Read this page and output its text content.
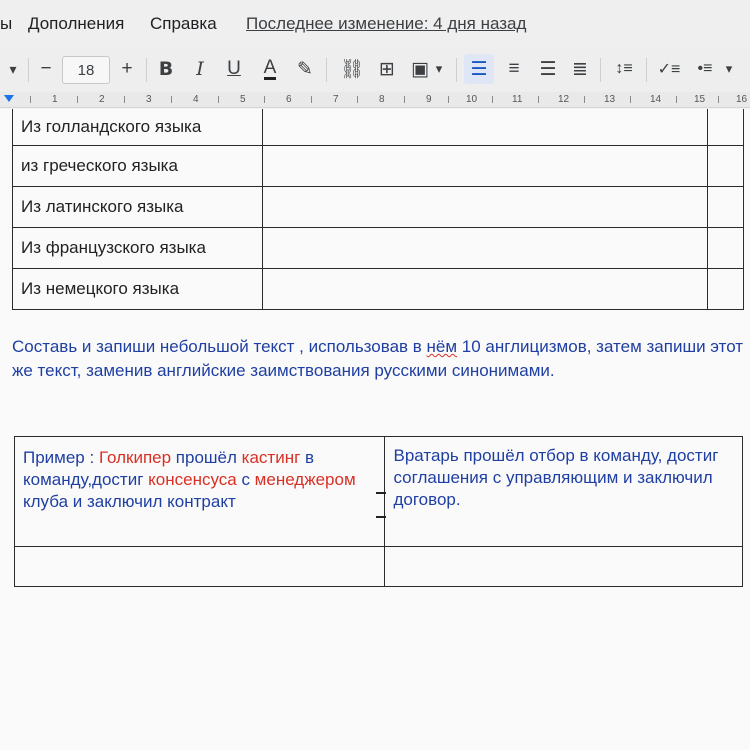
ы Дополнения Справка Последнее изменение: 4 дня назад
▾	−	18	+	B	I	U A ✎ ⛓ ⊞ ▣ ▾	☰	≡	☰ ≣	↕≡	✓≡	•≡	▾
1	2	3	4	5	6	7	8	9	10	11	12	13	14	15	16
Из голландского языка		
из греческого языка		
Из латинского языка		
Из французского языка		
Из немецкого языка		

Составь и запиши небольшой текст , использовав в нём 10 англицизмов, затем запиши этот же текст, заменив английские заимствования русскими синонимами.

Пример : Голкипер прошёл кастинг в команду,достиг консенсуса с менеджером клуба и заключил контракт	Вратарь прошёл отбор в команду, достиг соглашения с управляющим и заключил договор.
